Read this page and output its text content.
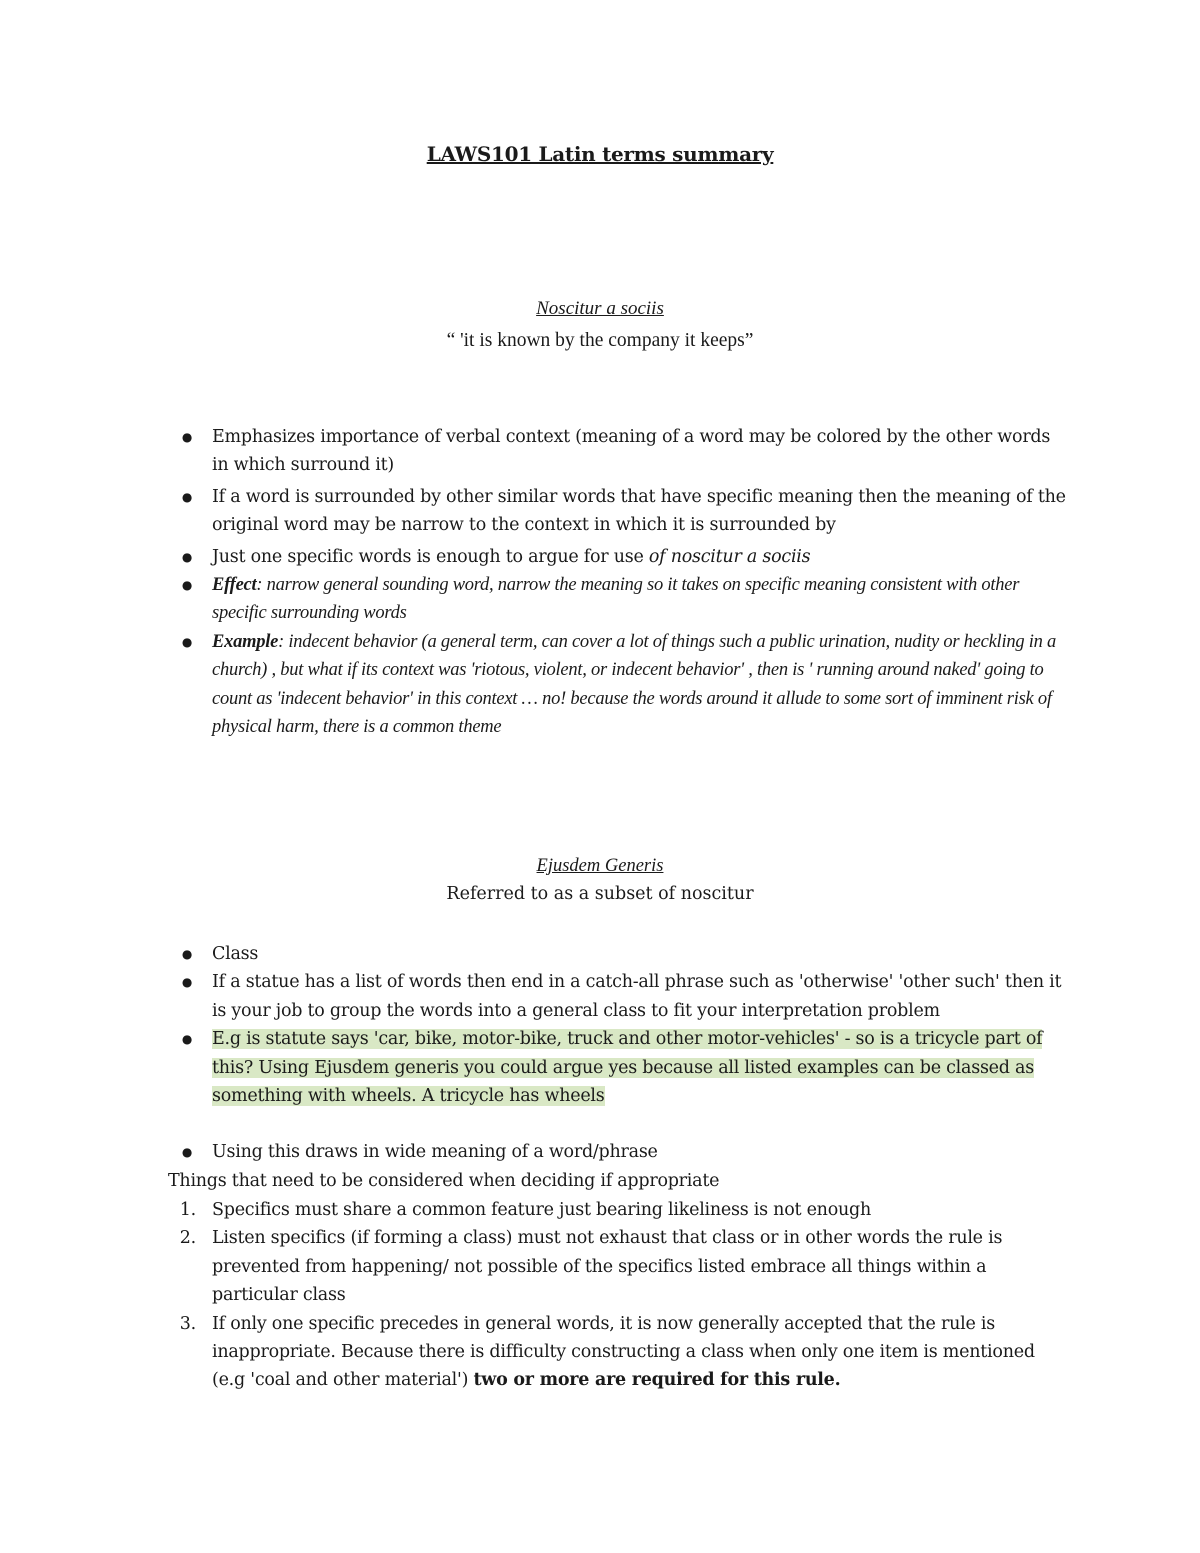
LAWS101 Latin terms summary
Noscitur a sociis
“ 'it is known by the company it keeps”
● Emphasizes importance of verbal context (meaning of a word may be colored by the other words in which surround it)
● If a word is surrounded by other similar words that have specific meaning then the meaning of the original word may be narrow to the context in which it is surrounded by
● Just one specific words is enough to argue for use of noscitur a sociis
● Effect: narrow general sounding word, narrow the meaning so it takes on specific meaning consistent with other specific surrounding words
● Example: indecent behavior (a general term, can cover a lot of things such a public urination, nudity or heckling in a church) , but what if its context was 'riotous, violent, or indecent behavior' , then is ' running around naked' going to count as 'indecent behavior' in this context … no! because the words around it allude to some sort of imminent risk of physical harm, there is a common theme
Ejusdem Generis
Referred to as a subset of noscitur
● Class
● If a statue has a list of words then end in a catch-all phrase such as 'otherwise' 'other such' then it is your job to group the words into a general class to fit your interpretation problem
● E.g is statute says 'car, bike, motor-bike, truck and other motor-vehicles' - so is a tricycle part of this? Using Ejusdem generis you could argue yes because all listed examples can be classed as something with wheels. A tricycle has wheels
● Using this draws in wide meaning of a word/phrase
Things that need to be considered when deciding if appropriate
1. Specifics must share a common feature just bearing likeliness is not enough
2. Listen specifics (if forming a class) must not exhaust that class or in other words the rule is prevented from happening/ not possible of the specifics listed embrace all things within a particular class
3. If only one specific precedes in general words, it is now generally accepted that the rule is inappropriate. Because there is difficulty constructing a class when only one item is mentioned (e.g 'coal and other material') two or more are required for this rule.
